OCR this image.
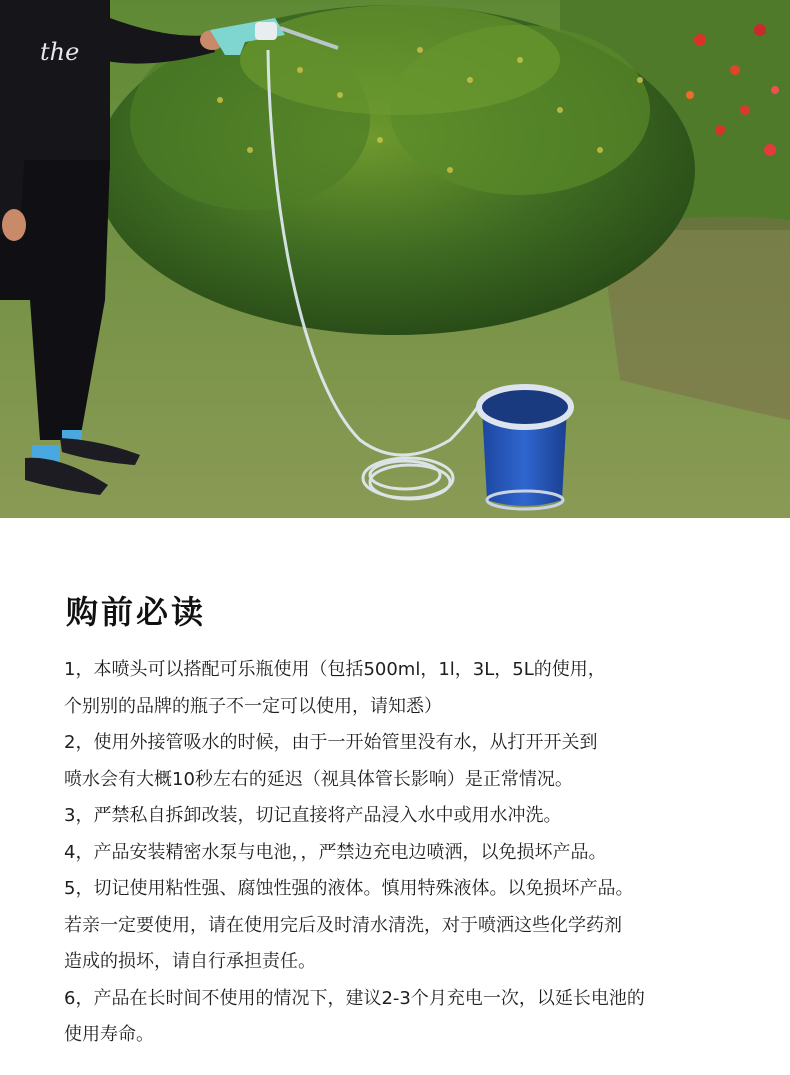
the
购前必读
1，本喷头可以搭配可乐瓶使用（包括500ml，1l，3L，5L的使用，
个别别的品牌的瓶子不一定可以使用，请知悉）
2，使用外接管吸水的时候，由于一开始管里没有水，从打开开关到
喷水会有大概10秒左右的延迟（视具体管长影响）是正常情况。
3，严禁私自拆卸改装，切记直接将产品浸入水中或用水冲洗。
4，产品安装精密水泵与电池，，严禁边充电边喷洒，以免损坏产品。
5，切记使用粘性强、腐蚀性强的液体。慎用特殊液体。以免损坏产品。
若亲一定要使用，请在使用完后及时清水清洗，对于喷洒这些化学药剂
造成的损坏，请自行承担责任。
6，产品在长时间不使用的情况下，建议2-3个月充电一次，以延长电池的
使用寿命。
